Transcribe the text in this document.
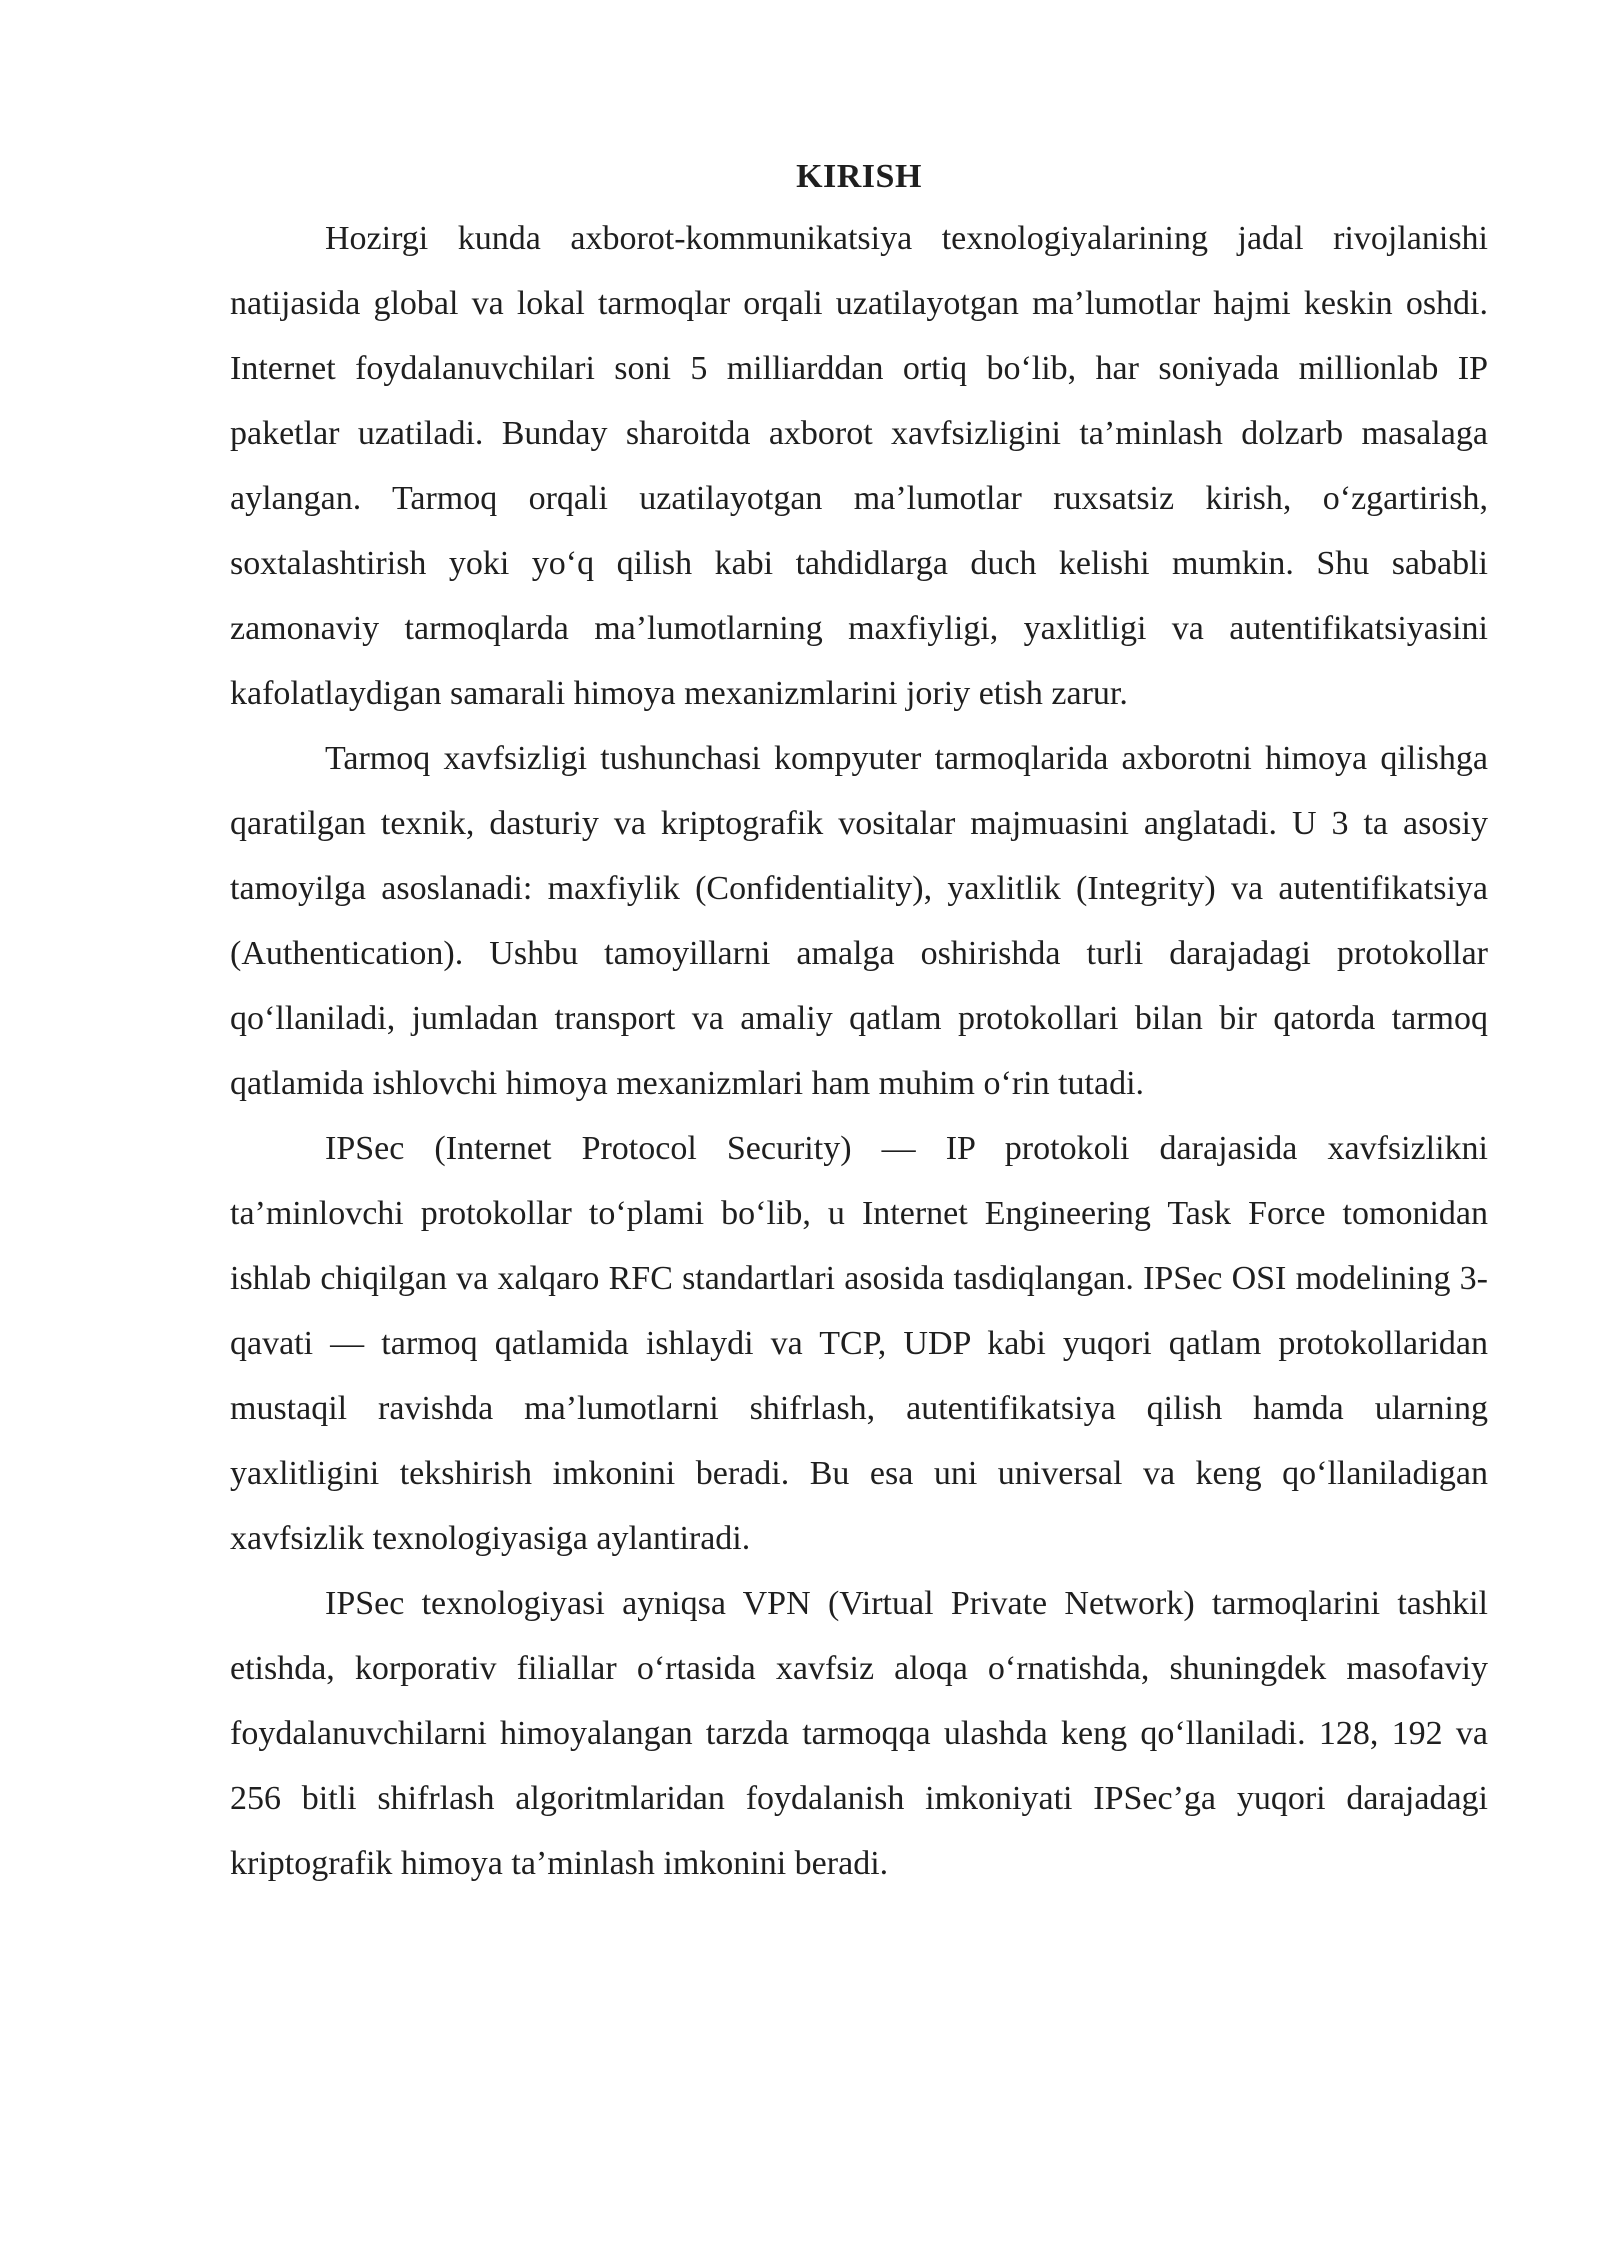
KIRISH

Hozirgi kunda axborot-kommunikatsiya texnologiyalarining jadal rivojlanishi natijasida global va lokal tarmoqlar orqali uzatilayotgan ma’lumotlar hajmi keskin oshdi. Internet foydalanuvchilari soni 5 milliarddan ortiq bo‘lib, har soniyada millionlab IP paketlar uzatiladi. Bunday sharoitda axborot xavfsizligini ta’minlash dolzarb masalaga aylangan. Tarmoq orqali uzatilayotgan ma’lumotlar ruxsatsiz kirish, o‘zgartirish, soxtalashtirish yoki yo‘q qilish kabi tahdidlarga duch kelishi mumkin. Shu sababli zamonaviy tarmoqlarda ma’lumotlarning maxfiyligi, yaxlitligi va autentifikatsiyasini kafolatlaydigan samarali himoya mexanizmlarini joriy etish zarur.

Tarmoq xavfsizligi tushunchasi kompyuter tarmoqlarida axborotni himoya qilishga qaratilgan texnik, dasturiy va kriptografik vositalar majmuasini anglatadi. U 3 ta asosiy tamoyilga asoslanadi: maxfiylik (Confidentiality), yaxlitlik (Integrity) va autentifikatsiya (Authentication). Ushbu tamoyillarni amalga oshirishda turli darajadagi protokollar qo‘llaniladi, jumladan transport va amaliy qatlam protokollari bilan bir qatorda tarmoq qatlamida ishlovchi himoya mexanizmlari ham muhim o‘rin tutadi.

IPSec (Internet Protocol Security) — IP protokoli darajasida xavfsizlikni ta’minlovchi protokollar to‘plami bo‘lib, u Internet Engineering Task Force tomonidan ishlab chiqilgan va xalqaro RFC standartlari asosida tasdiqlangan. IPSec OSI modelining 3-qavati — tarmoq qatlamida ishlaydi va TCP, UDP kabi yuqori qatlam protokollaridan mustaqil ravishda ma’lumotlarni shifrlash, autentifikatsiya qilish hamda ularning yaxlitligini tekshirish imkonini beradi. Bu esa uni universal va keng qo‘llaniladigan xavfsizlik texnologiyasiga aylantiradi.

IPSec texnologiyasi ayniqsa VPN (Virtual Private Network) tarmoqlarini tashkil etishda, korporativ filiallar o‘rtasida xavfsiz aloqa o‘rnatishda, shuningdek masofaviy foydalanuvchilarni himoyalangan tarzda tarmoqqa ulashda keng qo‘llaniladi. 128, 192 va 256 bitli shifrlash algoritmlaridan foydalanish imkoniyati IPSec’ga yuqori darajadagi kriptografik himoya ta’minlash imkonini beradi.
